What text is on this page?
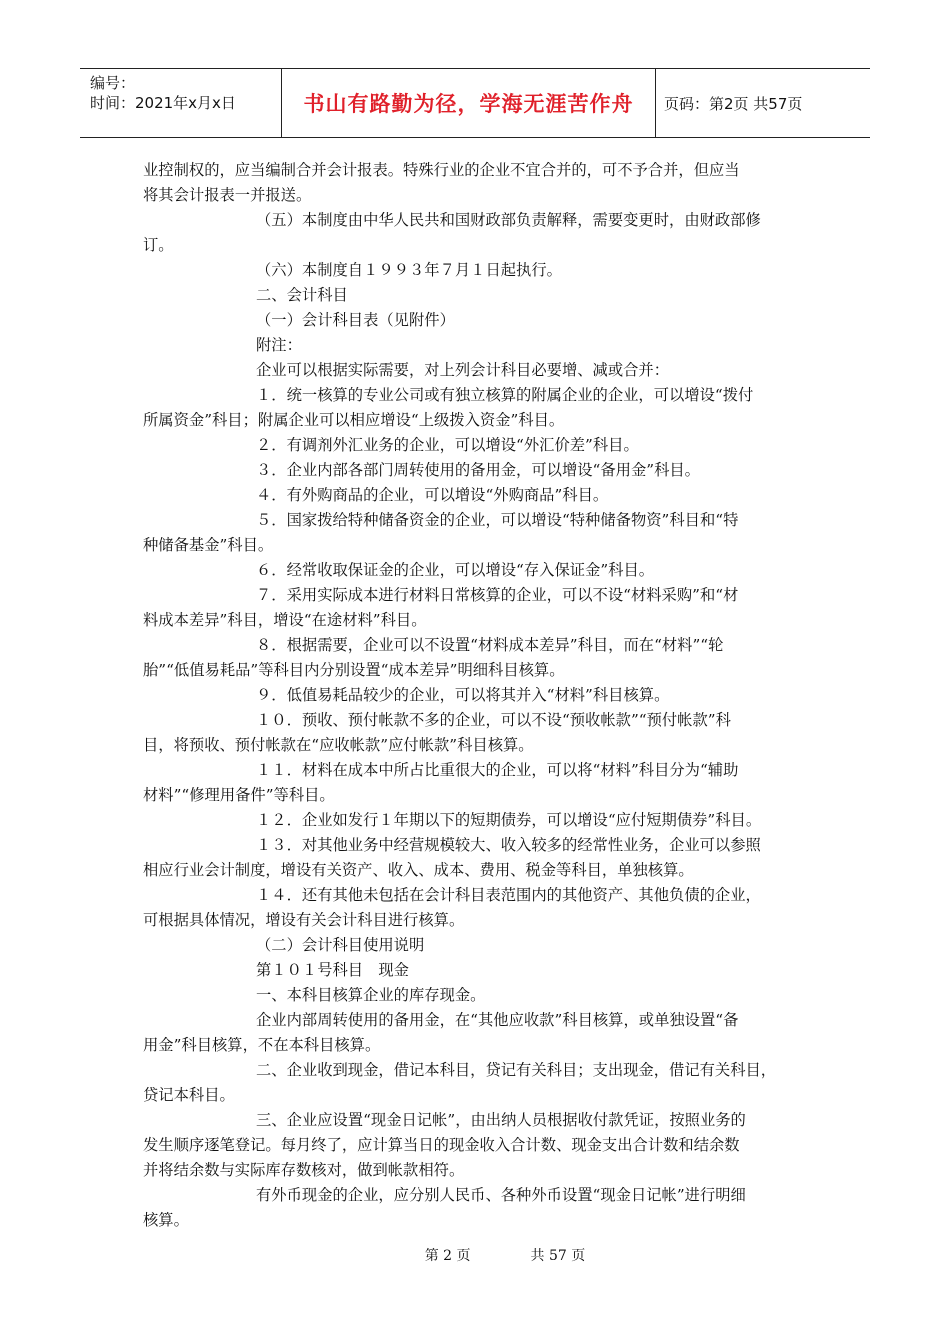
编号：
时间：2021年x月x日	书山有路勤为径，学海无涯苦作舟	页码：第2页 共57页
业控制权的，应当编制合并会计报表。特殊行业的企业不宜合并的，可不予合并，但应当
将其会计报表一并报送。
（五）本制度由中华人民共和国财政部负责解释，需要变更时，由财政部修
订。
（六）本制度自１９９３年７月１日起执行。
二、会计科目
（一）会计科目表（见附件）
附注：
企业可以根据实际需要，对上列会计科目必要增、减或合并：
１．统一核算的专业公司或有独立核算的附属企业的企业，可以增设“拨付
所属资金”科目；附属企业可以相应增设“上级拨入资金”科目。
２．有调剂外汇业务的企业，可以增设“外汇价差”科目。
３．企业内部各部门周转使用的备用金，可以增设“备用金”科目。
４．有外购商品的企业，可以增设“外购商品”科目。
５．国家拨给特种储备资金的企业，可以增设“特种储备物资”科目和“特
种储备基金”科目。
６．经常收取保证金的企业，可以增设“存入保证金”科目。
７．采用实际成本进行材料日常核算的企业，可以不设“材料采购”和“材
料成本差异”科目，增设“在途材料”科目。
８．根据需要，企业可以不设置“材料成本差异”科目，而在“材料”“轮
胎”“低值易耗品”等科目内分别设置“成本差异”明细科目核算。
９．低值易耗品较少的企业，可以将其并入“材料”科目核算。
１０．预收、预付帐款不多的企业，可以不设“预收帐款”“预付帐款”科
目，将预收、预付帐款在“应收帐款”应付帐款”科目核算。
１１．材料在成本中所占比重很大的企业，可以将“材料”科目分为“辅助
材料”“修理用备件”等科目。
１２．企业如发行１年期以下的短期债券，可以增设“应付短期债券”科目。
１３．对其他业务中经营规模较大、收入较多的经常性业务，企业可以参照
相应行业会计制度，增设有关资产、收入、成本、费用、税金等科目，单独核算。
１４．还有其他未包括在会计科目表范围内的其他资产、其他负债的企业，
可根据具体情况，增设有关会计科目进行核算。
（二）会计科目使用说明
第１０１号科目　现金
一、本科目核算企业的库存现金。
企业内部周转使用的备用金，在“其他应收款”科目核算，或单独设置“备
用金”科目核算，不在本科目核算。
二、企业收到现金，借记本科目，贷记有关科目；支出现金，借记有关科目，
贷记本科目。
三、企业应设置“现金日记帐”，由出纳人员根据收付款凭证，按照业务的
发生顺序逐笔登记。每月终了，应计算当日的现金收入合计数、现金支出合计数和结余数
并将结余数与实际库存数核对，做到帐款相符。
有外币现金的企业，应分别人民币、各种外币设置“现金日记帐”进行明细
核算。
第 2 页	共 57 页
